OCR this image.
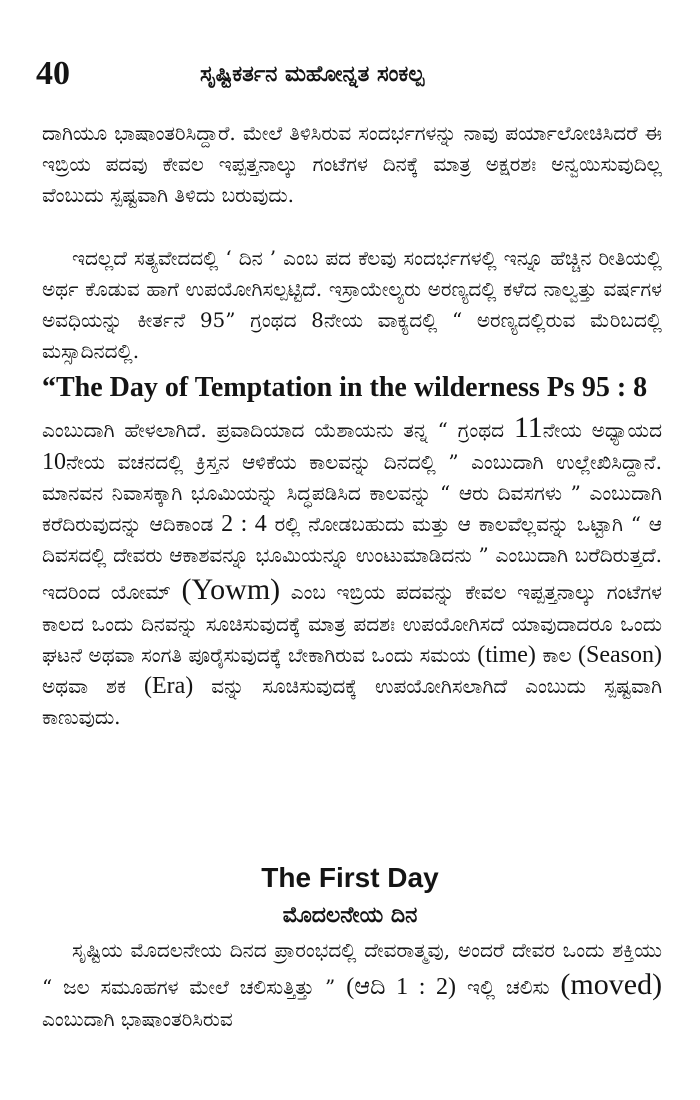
40	ಸೃಷ್ಟಿಕರ್ತನ ಮಹೋನ್ನತ ಸಂಕಲ್ಪ

ದಾಗಿಯೂ ಭಾಷಾಂತರಿಸಿದ್ದಾರೆ. ಮೇಲೆ ತಿಳಿಸಿರುವ ಸಂದರ್ಭಗಳನ್ನು ನಾವು ಪರ್ಯಾಲೋಚಿಸಿದರೆ ಈ ಇಬ್ರಿಯ ಪದವು ಕೇವಲ ಇಪ್ಪತ್ತನಾಲ್ಕು ಗಂಟೆಗಳ ದಿನಕ್ಕೆ ಮಾತ್ರ ಅಕ್ಷರಶಃ ಅನ್ವಯಿಸುವುದಿಲ್ಲ ವೆಂಬುದು ಸ್ಪಷ್ಟವಾಗಿ ತಿಳಿದು ಬರುವುದು.

ಇದಲ್ಲದೆ ಸತ್ಯವೇದದಲ್ಲಿ ‘ ದಿನ ’ ಎಂಬ ಪದ ಕೆಲವು ಸಂದರ್ಭಗಳಲ್ಲಿ ಇನ್ನೂ ಹೆಚ್ಚಿನ ರೀತಿಯಲ್ಲಿ ಅರ್ಥ ಕೊಡುವ ಹಾಗೆ ಉಪಯೋಗಿಸಲ್ಪಟ್ಟಿದೆ. ಇಸ್ರಾಯೇಲ್ಯರು ಅರಣ್ಯದಲ್ಲಿ ಕಳೆದ ನಾಲ್ವತ್ತು ವರ್ಷಗಳ ಅವಧಿಯನ್ನು ಕೀರ್ತನೆ 95” ಗ್ರಂಥದ 8ನೇಯ ವಾಕ್ಯದಲ್ಲಿ “ ಅರಣ್ಯದಲ್ಲಿರುವ ಮೆರಿಬದಲ್ಲಿ ಮಸ್ಸಾದಿನದಲ್ಲಿ.
“The Day of Temptation in the wilderness Ps 95 : 8
ಎಂಬುದಾಗಿ ಹೇಳಲಾಗಿದೆ. ಪ್ರವಾದಿಯಾದ ಯೆಶಾಯನು ತನ್ನ “ ಗ್ರಂಥದ 11ನೇಯ ಅಧ್ಯಾಯದ 10ನೇಯ ವಚನದಲ್ಲಿ ಕ್ರಿಸ್ತನ ಆಳಿಕೆಯ ಕಾಲವನ್ನು ದಿನದಲ್ಲಿ ” ಎಂಬುದಾಗಿ ಉಲ್ಲೇಖಿಸಿದ್ದಾನೆ. ಮಾನವನ ನಿವಾಸಕ್ಕಾಗಿ ಭೂಮಿಯನ್ನು ಸಿದ್ಧಪಡಿಸಿದ ಕಾಲವನ್ನು “ ಆರು ದಿವಸಗಳು ” ಎಂಬುದಾಗಿ ಕರೆದಿರುವುದನ್ನು ಆದಿಕಾಂಡ 2 : 4 ರಲ್ಲಿ ನೋಡಬಹುದು ಮತ್ತು ಆ ಕಾಲವೆಲ್ಲವನ್ನು ಒಟ್ಟಾಗಿ “ ಆ ದಿವಸದಲ್ಲಿ ದೇವರು ಆಕಾಶವನ್ನೂ ಭೂಮಿಯನ್ನೂ ಉಂಟುಮಾಡಿದನು ” ಎಂಬುದಾಗಿ ಬರೆದಿರುತ್ತದೆ. ಇದರಿಂದ ಯೋಮ್ (Yowm) ಎಂಬ ಇಬ್ರಿಯ ಪದವನ್ನು ಕೇವಲ ಇಪ್ಪತ್ತನಾಲ್ಕು ಗಂಟೆಗಳ ಕಾಲದ ಒಂದು ದಿನವನ್ನು ಸೂಚಿಸುವುದಕ್ಕೆ ಮಾತ್ರ ಪದಶಃ ಉಪಯೋಗಿಸದೆ ಯಾವುದಾದರೂ ಒಂದು ಘಟನೆ ಅಥವಾ ಸಂಗತಿ ಪೂರೈಸುವುದಕ್ಕೆ ಬೇಕಾಗಿರುವ ಒಂದು ಸಮಯ (time) ಕಾಲ (Season) ಅಥವಾ ಶಕ (Era) ವನ್ನು ಸೂಚಿಸುವುದಕ್ಕೆ ಉಪಯೋಗಿಸಲಾಗಿದೆ ಎಂಬುದು ಸ್ಪಷ್ಟವಾಗಿ ಕಾಣುವುದು.

The First Day
ಮೊದಲನೇಯ ದಿನ
ಸೃಷ್ಟಿಯ ಮೊದಲನೇಯ ದಿನದ ಪ್ರಾರಂಭದಲ್ಲಿ ದೇವರಾತ್ಮವು, ಅಂದರೆ ದೇವರ ಒಂದು ಶಕ್ತಿಯು “ ಜಲ ಸಮೂಹಗಳ ಮೇಲೆ ಚಲಿಸುತ್ತಿತ್ತು ” (ಆದಿ 1 : 2) ಇಲ್ಲಿ ಚಲಿಸು (moved) ಎಂಬುದಾಗಿ ಭಾಷಾಂತರಿಸಿರುವ
